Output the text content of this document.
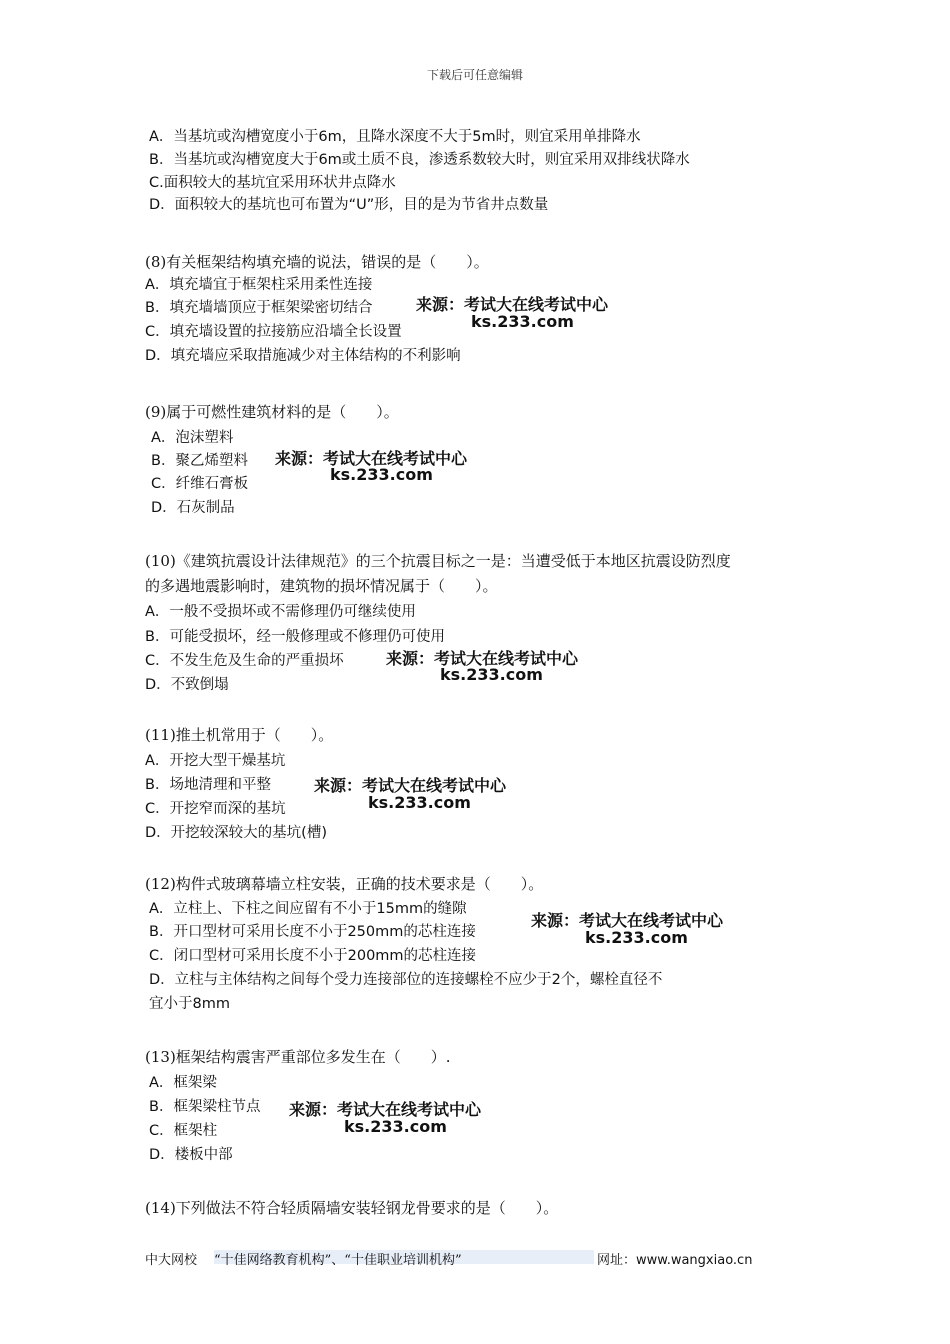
下载后可任意编辑
A．当基坑或沟槽宽度小于6m，且降水深度不大于5m时，则宜采用单排降水
B．当基坑或沟槽宽度大于6m或土质不良，渗透系数较大时，则宜采用双排线状降水
C.面积较大的基坑宜采用环状井点降水
D．面积较大的基坑也可布置为“U”形，目的是为节省井点数量
(8)有关框架结构填充墙的说法，错误的是（　　）。
A．填充墙宜于框架柱采用柔性连接
B．填充墙墙顶应于框架梁密切结合
C．填充墙设置的拉接筋应沿墙全长设置
D．填充墙应采取措施减少对主体结构的不利影响
来源：考试大在线考试中心
ks.233.com
(9)属于可燃性建筑材料的是（　　）。
A．泡沫塑料
B．聚乙烯塑料
C．纤维石膏板
D．石灰制品
来源：考试大在线考试中心
ks.233.com
(10)《建筑抗震设计法律规范》的三个抗震目标之一是：当遭受低于本地区抗震设防烈度
的多遇地震影响时，建筑物的损坏情况属于（　　）。
A．一般不受损坏或不需修理仍可继续使用
B．可能受损坏，经一般修理或不修理仍可使用
C．不发生危及生命的严重损坏
D．不致倒塌
来源：考试大在线考试中心
ks.233.com
(11)推土机常用于（　　）。
A．开挖大型干燥基坑
B．场地清理和平整
C．开挖窄而深的基坑
D．开挖较深较大的基坑(槽)
来源：考试大在线考试中心
ks.233.com
(12)构件式玻璃幕墙立柱安装，正确的技术要求是（　　）。
A．立柱上、下柱之间应留有不小于15mm的缝隙
B．开口型材可采用长度不小于250mm的芯柱连接
C．闭口型材可采用长度不小于200mm的芯柱连接
D．立柱与主体结构之间每个受力连接部位的连接螺栓不应少于2个，螺栓直径不
宜小于8mm
来源：考试大在线考试中心
ks.233.com
(13)框架结构震害严重部位多发生在（　　）.
A．框架梁
B．框架梁柱节点
C．框架柱
D．楼板中部
来源：考试大在线考试中心
ks.233.com
(14)下列做法不符合轻质隔墙安装轻钢龙骨要求的是（　　）。
中大网校 “十佳网络教育机构”、“十佳职业培训机构”	网址：www.wangxiao.cn
